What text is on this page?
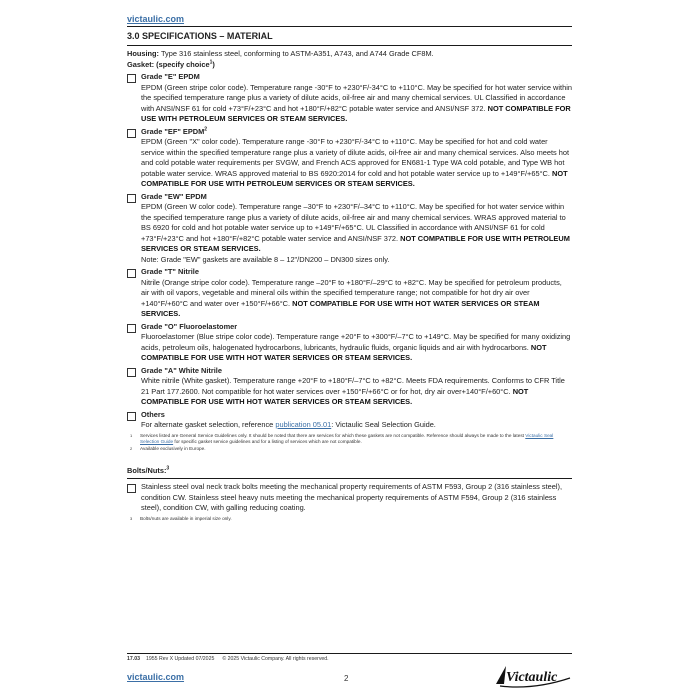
victaulic.com
3.0 SPECIFICATIONS – MATERIAL
Housing: Type 316 stainless steel, conforming to ASTM-A351, A743, and A744 Grade CF8M.
Gasket: (specify choice$^1$)
Grade "E" EPDM
EPDM (Green stripe color code). Temperature range -30°F to +230°F/-34°C to +110°C. May be specified for hot water service within the specified temperature range plus a variety of dilute acids, oil-free air and many chemical services. UL Classified in accordance with ANSI/NSF 61 for cold +73°F/+23°C and hot +180°F/+82°C potable water service and ANSI/NSF 372. NOT COMPATIBLE FOR USE WITH PETROLEUM SERVICES OR STEAM SERVICES.
Grade "EF" EPDM$^2$
EPDM (Green "X" color code). Temperature range -30°F to +230°F/-34°C to +110°C. May be specified for hot and cold water service within the specified temperature range plus a variety of dilute acids, oil-free air and many chemical services. Also meets hot and cold potable water requirements per SVGW, and French ACS approved for EN681-1 Type WA cold potable, and Type WB hot potable water service. WRAS approved material to BS 6920:2014 for cold and hot potable water service up to +149°F/+65°C. NOT COMPATIBLE FOR USE WITH PETROLEUM SERVICES OR STEAM SERVICES.
Grade "EW" EPDM
EPDM (Green W color code). Temperature range –30°F to +230°F/–34°C to +110°C. May be specified for hot water service within the specified temperature range plus a variety of dilute acids, oil-free air and many chemical services. WRAS approved material to BS 6920 for cold and hot potable water service up to +149°F/+65°C. UL Classified in accordance with ANSI/NSF 61 for cold +73°F/+23°C and hot +180°F/+82°C potable water service and ANSI/NSF 372. NOT COMPATIBLE FOR USE WITH PETROLEUM SERVICES OR STEAM SERVICES.
Note: Grade "EW" gaskets are available 8 – 12"/DN200 – DN300 sizes only.
Grade "T" Nitrile
Nitrile (Orange stripe color code). Temperature range –20°F to +180°F/–29°C to +82°C. May be specified for petroleum products, air with oil vapors, vegetable and mineral oils within the specified temperature range; not compatible for hot dry air over +140°F/+60°C and water over +150°F/+66°C. NOT COMPATIBLE FOR USE WITH HOT WATER SERVICES OR STEAM SERVICES.
Grade "O" Fluoroelastomer
Fluoroelastomer (Blue stripe color code). Temperature range +20°F to +300°F/–7°C to +149°C. May be specified for many oxidizing acids, petroleum oils, halogenated hydrocarbons, lubricants, hydraulic fluids, organic liquids and air with hydrocarbons. NOT COMPATIBLE FOR USE WITH HOT WATER SERVICES OR STEAM SERVICES.
Grade "A" White Nitrile
White nitrile (White gasket). Temperature range +20°F to +180°F/–7°C to +82°C. Meets FDA requirements. Conforms to CFR Title 21 Part 177.2600. Not compatible for hot water services over +150°F/+66°C or for hot, dry air over+140°F/+60°C. NOT COMPATIBLE FOR USE WITH HOT WATER SERVICES OR STEAM SERVICES.
Others
For alternate gasket selection, reference publication 05.01: Victaulic Seal Selection Guide.
1 Services listed are General Service Guidelines only. It should be noted that there are services for which these gaskets are not compatible. Reference should always be made to the latest Victaulic Seal Selection Guide for specific gasket service guidelines and for a listing of services which are not compatible.
2 Available exclusively in Europe.
Bolts/Nuts:$^3$
Stainless steel oval neck track bolts meeting the mechanical property requirements of ASTM F593, Group 2 (316 stainless steel), condition CW. Stainless steel heavy nuts meeting the mechanical property requirements of ASTM F594, Group 2 (316 stainless steel), condition CW, with galling reducing coating.
3 Bolts/nuts are available in imperial size only.
17.03 1955 Rev X Updated 07/2025 © 2025 Victaulic Company. All rights reserved.
victaulic.com	2	Victaulic
